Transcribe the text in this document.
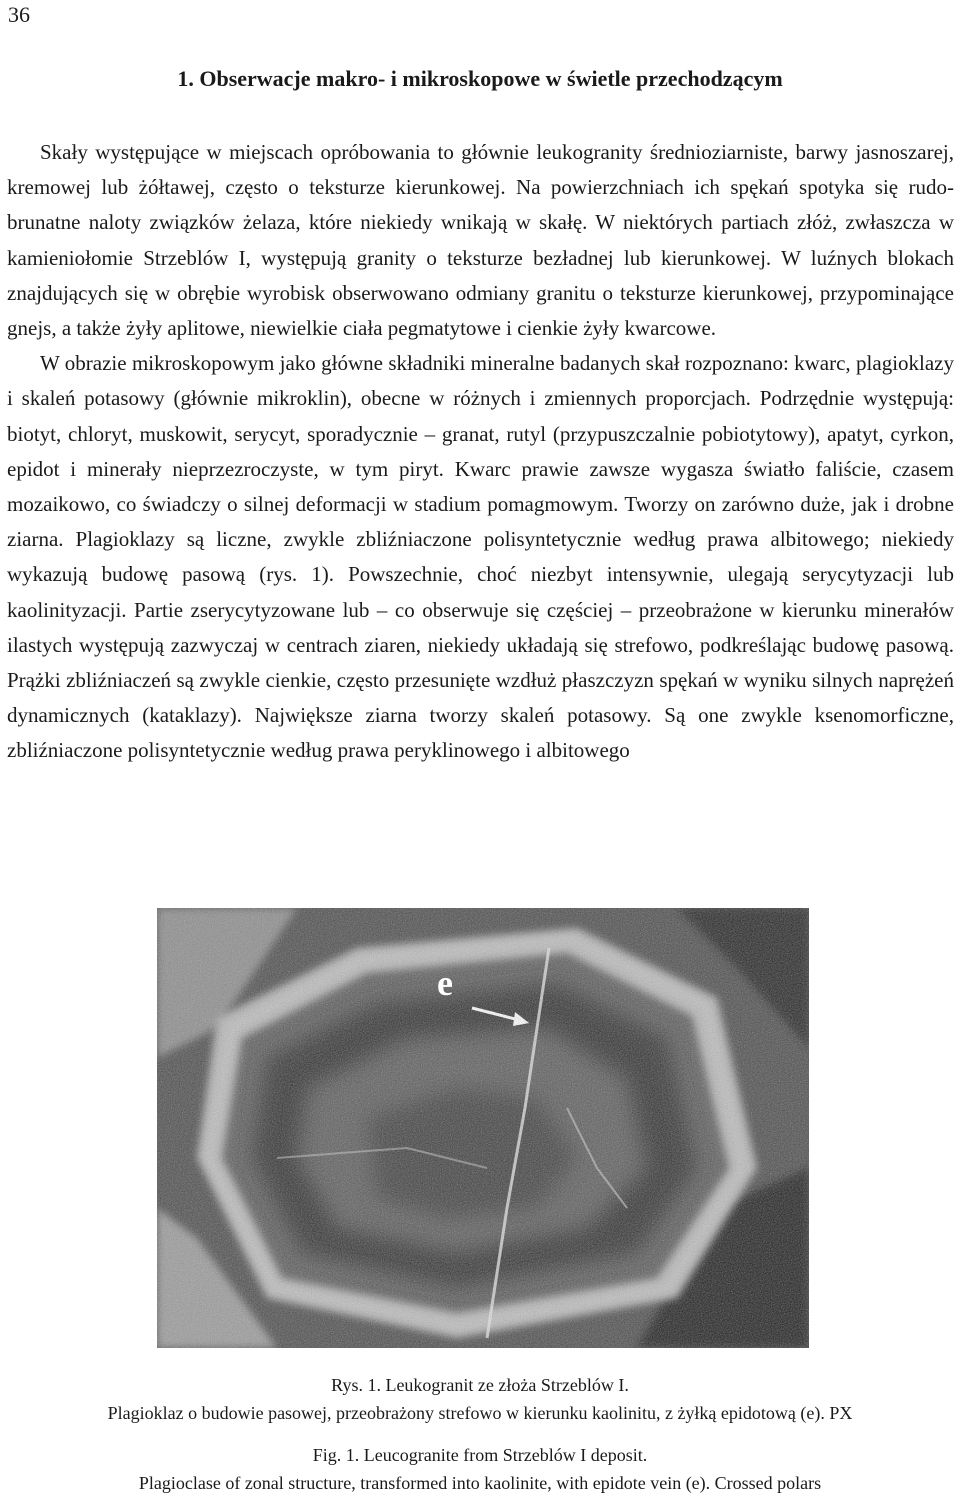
36
1. Obserwacje makro- i mikroskopowe w świetle przechodzącym

Skały występujące w miejscach opróbowania to głównie leukogranity średnioziarniste, barwy jasnoszarej, kremowej lub żółtawej, często o teksturze kierunkowej. Na powierzchniach ich spękań spotyka się rudo-brunatne naloty związków żelaza, które niekiedy wnikają w skałę. W niektórych partiach złóż, zwłaszcza w kamieniołomie Strzeblów I, występują granity o teksturze bezładnej lub kierunkowej. W luźnych blokach znajdujących się w obrębie wyrobisk obserwowano odmiany granitu o teksturze kierunkowej, przypominające gnejs, a także żyły aplitowe, niewielkie ciała pegmatytowe i cienkie żyły kwarcowe.

W obrazie mikroskopowym jako główne składniki mineralne badanych skał rozpoznano: kwarc, plagioklazy i skaleń potasowy (głównie mikroklin), obecne w różnych i zmiennych proporcjach. Podrzędnie występują: biotyt, chloryt, muskowit, serycyt, sporadycznie – granat, rutyl (przypuszczalnie pobiotytowy), apatyt, cyrkon, epidot i minerały nieprzezroczyste, w tym piryt. Kwarc prawie zawsze wygasza światło faliście, czasem mozaikowo, co świadczy o silnej deformacji w stadium pomagmowym. Tworzy on zarówno duże, jak i drobne ziarna. Plagioklazy są liczne, zwykle zbliźniaczone polisyntetycznie według prawa albitowego; niekiedy wykazują budowę pasową (rys. 1). Powszechnie, choć niezbyt intensywnie, ulegają serycytyzacji lub kaolinityzacji. Partie zserycytyzowane lub – co obserwuje się częściej – przeobrażone w kierunku minerałów ilastych występują zazwyczaj w centrach ziaren, niekiedy układają się strefowo, podkreślając budowę pasową. Prążki zbliźniaczeń są zwykle cienkie, często przesunięte wzdłuż płaszczyzn spękań w wyniku silnych naprężeń dynamicznych (kataklazy). Największe ziarna tworzy skaleń potasowy. Są one zwykle ksenomorficzne, zbliźniaczone polisyntetycznie według prawa peryklinowego i albitowego

e
Rys. 1. Leukogranit ze złoża Strzeblów I.
Plagioklaz o budowie pasowej, przeobrażony strefowo w kierunku kaolinitu, z żyłką epidotową (e). PX
Fig. 1. Leucogranite from Strzeblów I deposit.
Plagioclase of zonal structure, transformed into kaolinite, with epidote vein (e). Crossed polars
